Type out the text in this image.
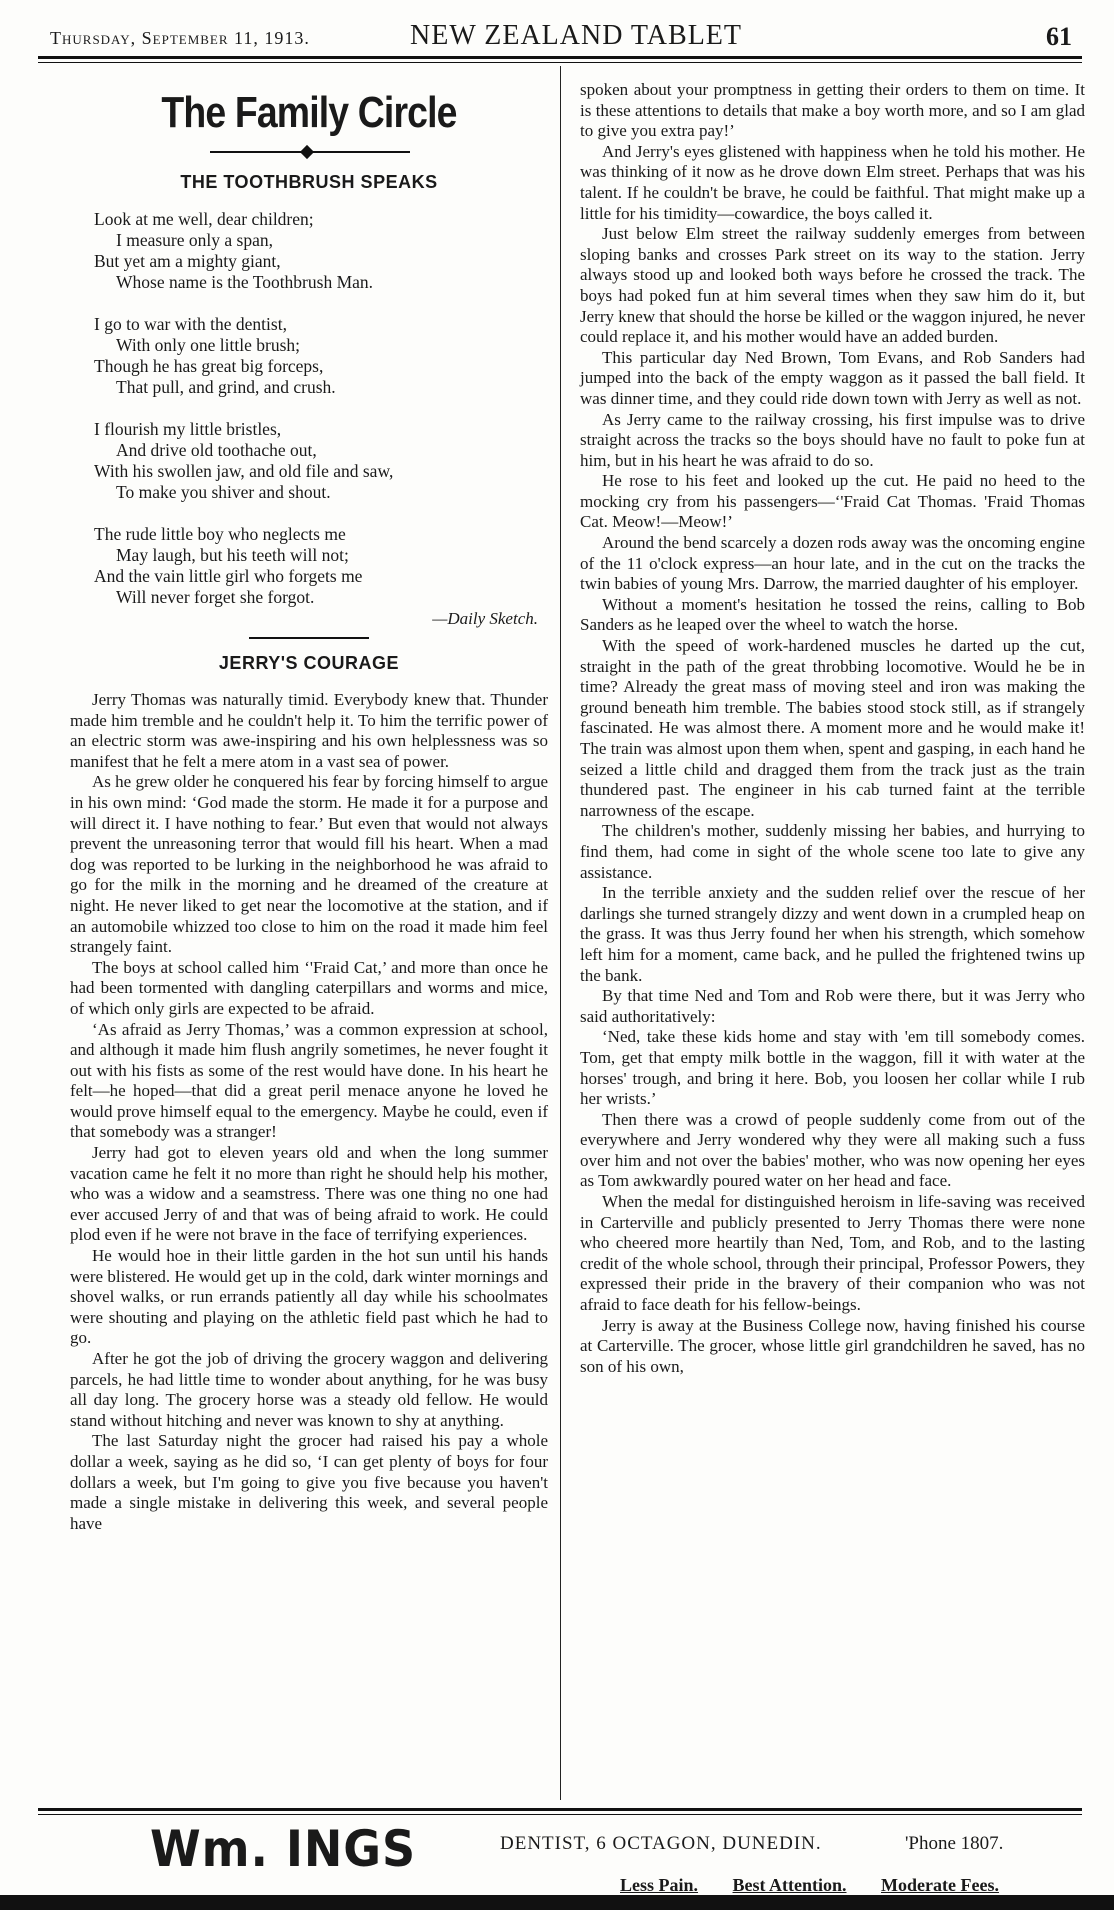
Thursday, September 11, 1913.	NEW ZEALAND TABLET	61
The Family Circle
THE TOOTHBRUSH SPEAKS
Look at me well, dear children;
I measure only a span,
But yet am a mighty giant,
Whose name is the Toothbrush Man.
I go to war with the dentist,
With only one little brush;
Though he has great big forceps,
That pull, and grind, and crush.
I flourish my little bristles,
And drive old toothache out,
With his swollen jaw, and old file and saw,
To make you shiver and shout.
The rude little boy who neglects me
May laugh, but his teeth will not;
And the vain little girl who forgets me
Will never forget she forgot.
—Daily Sketch.
JERRY'S COURAGE

Jerry Thomas was naturally timid. Everybody knew that. Thunder made him tremble and he couldn't help it. To him the terrific power of an electric storm was awe-inspiring and his own helplessness was so manifest that he felt a mere atom in a vast sea of power.

As he grew older he conquered his fear by forcing himself to argue in his own mind: ‘God made the storm. He made it for a purpose and will direct it. I have nothing to fear.’ But even that would not always prevent the unreasoning terror that would fill his heart. When a mad dog was reported to be lurking in the neighborhood he was afraid to go for the milk in the morning and he dreamed of the creature at night. He never liked to get near the locomotive at the station, and if an automobile whizzed too close to him on the road it made him feel strangely faint.

The boys at school called him ‘'Fraid Cat,’ and more than once he had been tormented with dangling caterpillars and worms and mice, of which only girls are expected to be afraid.

‘As afraid as Jerry Thomas,’ was a common expression at school, and although it made him flush angrily sometimes, he never fought it out with his fists as some of the rest would have done. In his heart he felt—he hoped—that did a great peril menace anyone he loved he would prove himself equal to the emergency. Maybe he could, even if that somebody was a stranger!

Jerry had got to eleven years old and when the long summer vacation came he felt it no more than right he should help his mother, who was a widow and a seamstress. There was one thing no one had ever accused Jerry of and that was of being afraid to work. He could plod even if he were not brave in the face of terrifying experiences.

He would hoe in their little garden in the hot sun until his hands were blistered. He would get up in the cold, dark winter mornings and shovel walks, or run errands patiently all day while his schoolmates were shouting and playing on the athletic field past which he had to go.

After he got the job of driving the grocery waggon and delivering parcels, he had little time to wonder about anything, for he was busy all day long. The grocery horse was a steady old fellow. He would stand without hitching and never was known to shy at anything.

The last Saturday night the grocer had raised his pay a whole dollar a week, saying as he did so, ‘I can get plenty of boys for four dollars a week, but I'm going to give you five because you haven't made a single mistake in delivering this week, and several people have

spoken about your promptness in getting their orders to them on time. It is these attentions to details that make a boy worth more, and so I am glad to give you extra pay!’

And Jerry's eyes glistened with happiness when he told his mother. He was thinking of it now as he drove down Elm street. Perhaps that was his talent. If he couldn't be brave, he could be faithful. That might make up a little for his timidity—cowardice, the boys called it.

Just below Elm street the railway suddenly emerges from between sloping banks and crosses Park street on its way to the station. Jerry always stood up and looked both ways before he crossed the track. The boys had poked fun at him several times when they saw him do it, but Jerry knew that should the horse be killed or the waggon injured, he never could replace it, and his mother would have an added burden.

This particular day Ned Brown, Tom Evans, and Rob Sanders had jumped into the back of the empty waggon as it passed the ball field. It was dinner time, and they could ride down town with Jerry as well as not.

As Jerry came to the railway crossing, his first impulse was to drive straight across the tracks so the boys should have no fault to poke fun at him, but in his heart he was afraid to do so.

He rose to his feet and looked up the cut. He paid no heed to the mocking cry from his passengers—‘'Fraid Cat Thomas. 'Fraid Thomas Cat. Meow!—Meow!’

Around the bend scarcely a dozen rods away was the oncoming engine of the 11 o'clock express—an hour late, and in the cut on the tracks the twin babies of young Mrs. Darrow, the married daughter of his employer.

Without a moment's hesitation he tossed the reins, calling to Bob Sanders as he leaped over the wheel to watch the horse.

With the speed of work-hardened muscles he darted up the cut, straight in the path of the great throbbing locomotive. Would he be in time? Already the great mass of moving steel and iron was making the ground beneath him tremble. The babies stood stock still, as if strangely fascinated. He was almost there. A moment more and he would make it! The train was almost upon them when, spent and gasping, in each hand he seized a little child and dragged them from the track just as the train thundered past. The engineer in his cab turned faint at the terrible narrowness of the escape.

The children's mother, suddenly missing her babies, and hurrying to find them, had come in sight of the whole scene too late to give any assistance.

In the terrible anxiety and the sudden relief over the rescue of her darlings she turned strangely dizzy and went down in a crumpled heap on the grass. It was thus Jerry found her when his strength, which somehow left him for a moment, came back, and he pulled the frightened twins up the bank.

By that time Ned and Tom and Rob were there, but it was Jerry who said authoritatively:

‘Ned, take these kids home and stay with 'em till somebody comes. Tom, get that empty milk bottle in the waggon, fill it with water at the horses' trough, and bring it here. Bob, you loosen her collar while I rub her wrists.’

Then there was a crowd of people suddenly come from out of the everywhere and Jerry wondered why they were all making such a fuss over him and not over the babies' mother, who was now opening her eyes as Tom awkwardly poured water on her head and face.

When the medal for distinguished heroism in life-saving was received in Carterville and publicly presented to Jerry Thomas there were none who cheered more heartily than Ned, Tom, and Rob, and to the lasting credit of the whole school, through their principal, Professor Powers, they expressed their pride in the bravery of their companion who was not afraid to face death for his fellow-beings.

Jerry is away at the Business College now, having finished his course at Carterville. The grocer, whose little girl grandchildren he saved, has no son of his own,

Wm. INGS	DENTIST, 6 OCTAGON, DUNEDIN.	'Phone 1807.
Less Pain. Best Attention. Moderate Fees.
